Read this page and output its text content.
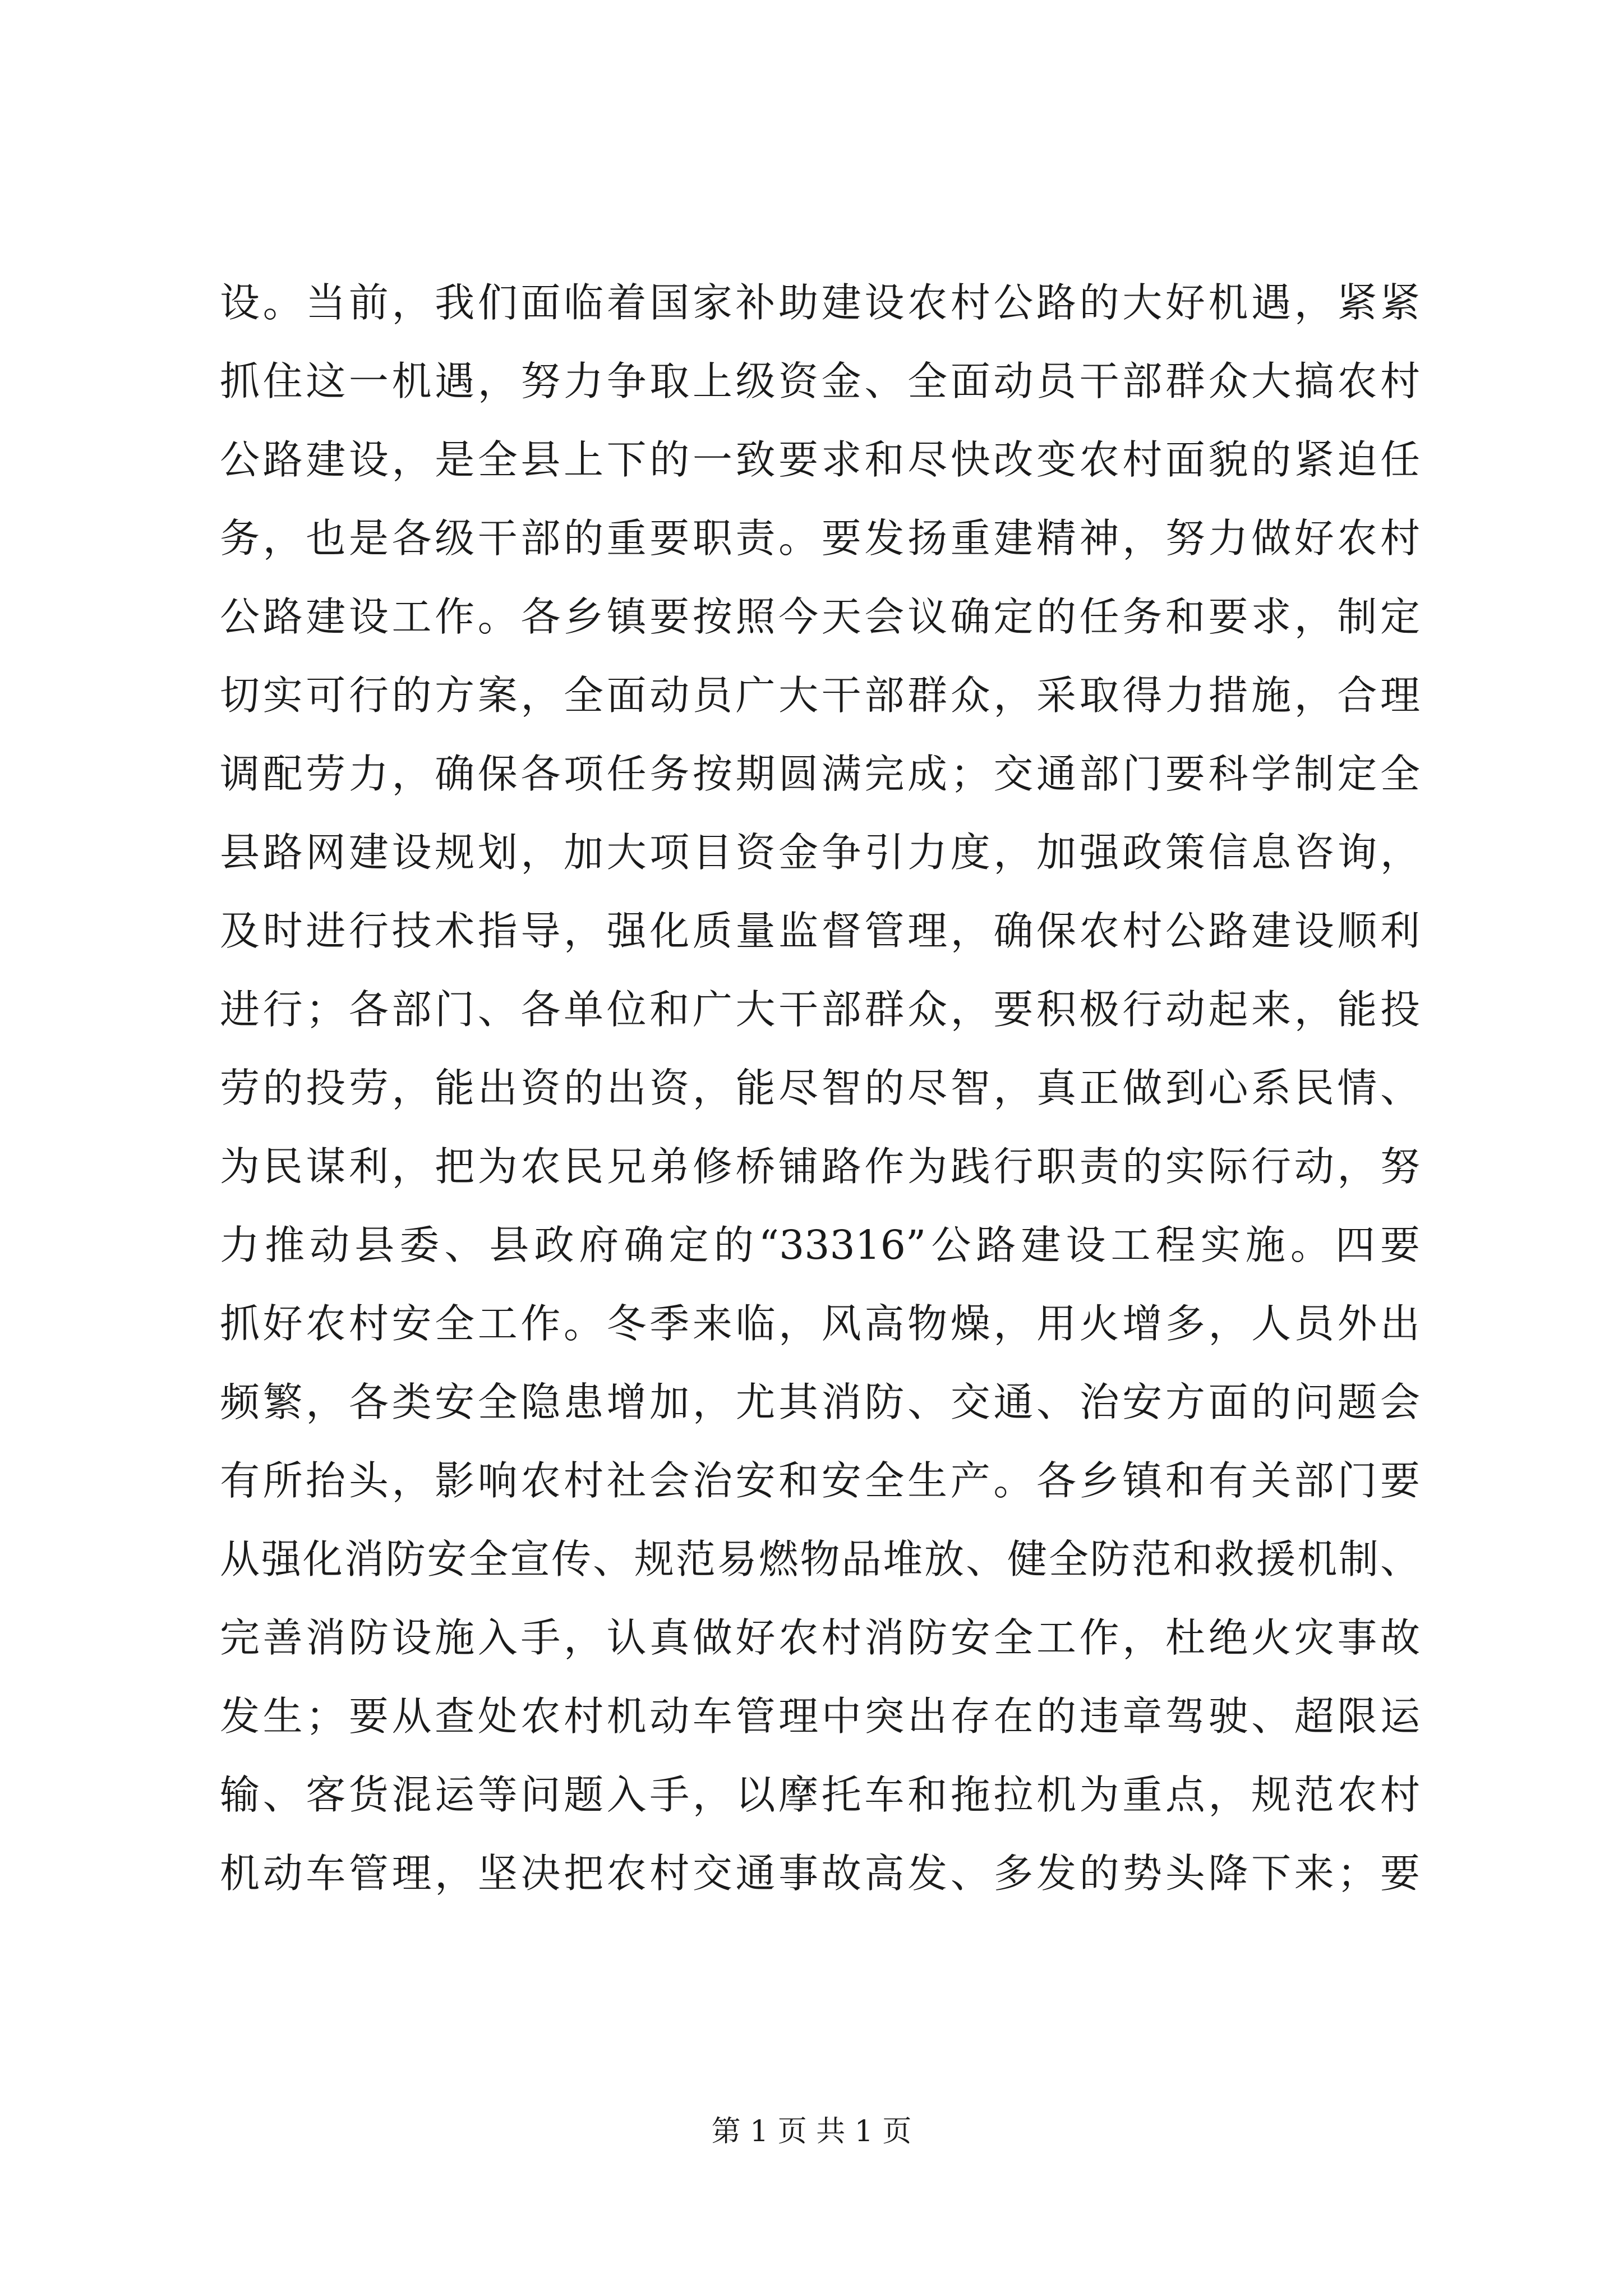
设。当前，我们面临着国家补助建设农村公路的大好机遇，紧紧
抓住这一机遇，努力争取上级资金、全面动员干部群众大搞农村
公路建设，是全县上下的一致要求和尽快改变农村面貌的紧迫任
务，也是各级干部的重要职责。要发扬重建精神，努力做好农村
公路建设工作。各乡镇要按照今天会议确定的任务和要求，制定
切实可行的方案，全面动员广大干部群众，采取得力措施，合理
调配劳力，确保各项任务按期圆满完成；交通部门要科学制定全
县路网建设规划，加大项目资金争引力度，加强政策信息咨询，
及时进行技术指导，强化质量监督管理，确保农村公路建设顺利
进行；各部门、各单位和广大干部群众，要积极行动起来，能投
劳的投劳，能出资的出资，能尽智的尽智，真正做到心系民情、
为民谋利，把为农民兄弟修桥铺路作为践行职责的实际行动，努
力推动县委、县政府确定的“33316”公路建设工程实施。四要
抓好农村安全工作。冬季来临，风高物燥，用火增多，人员外出
频繁，各类安全隐患增加，尤其消防、交通、治安方面的问题会
有所抬头，影响农村社会治安和安全生产。各乡镇和有关部门要
从强化消防安全宣传、规范易燃物品堆放、健全防范和救援机制、
完善消防设施入手，认真做好农村消防安全工作，杜绝火灾事故
发生；要从查处农村机动车管理中突出存在的违章驾驶、超限运
输、客货混运等问题入手，以摩托车和拖拉机为重点，规范农村
机动车管理，坚决把农村交通事故高发、多发的势头降下来；要
第 1 页 共 1 页
